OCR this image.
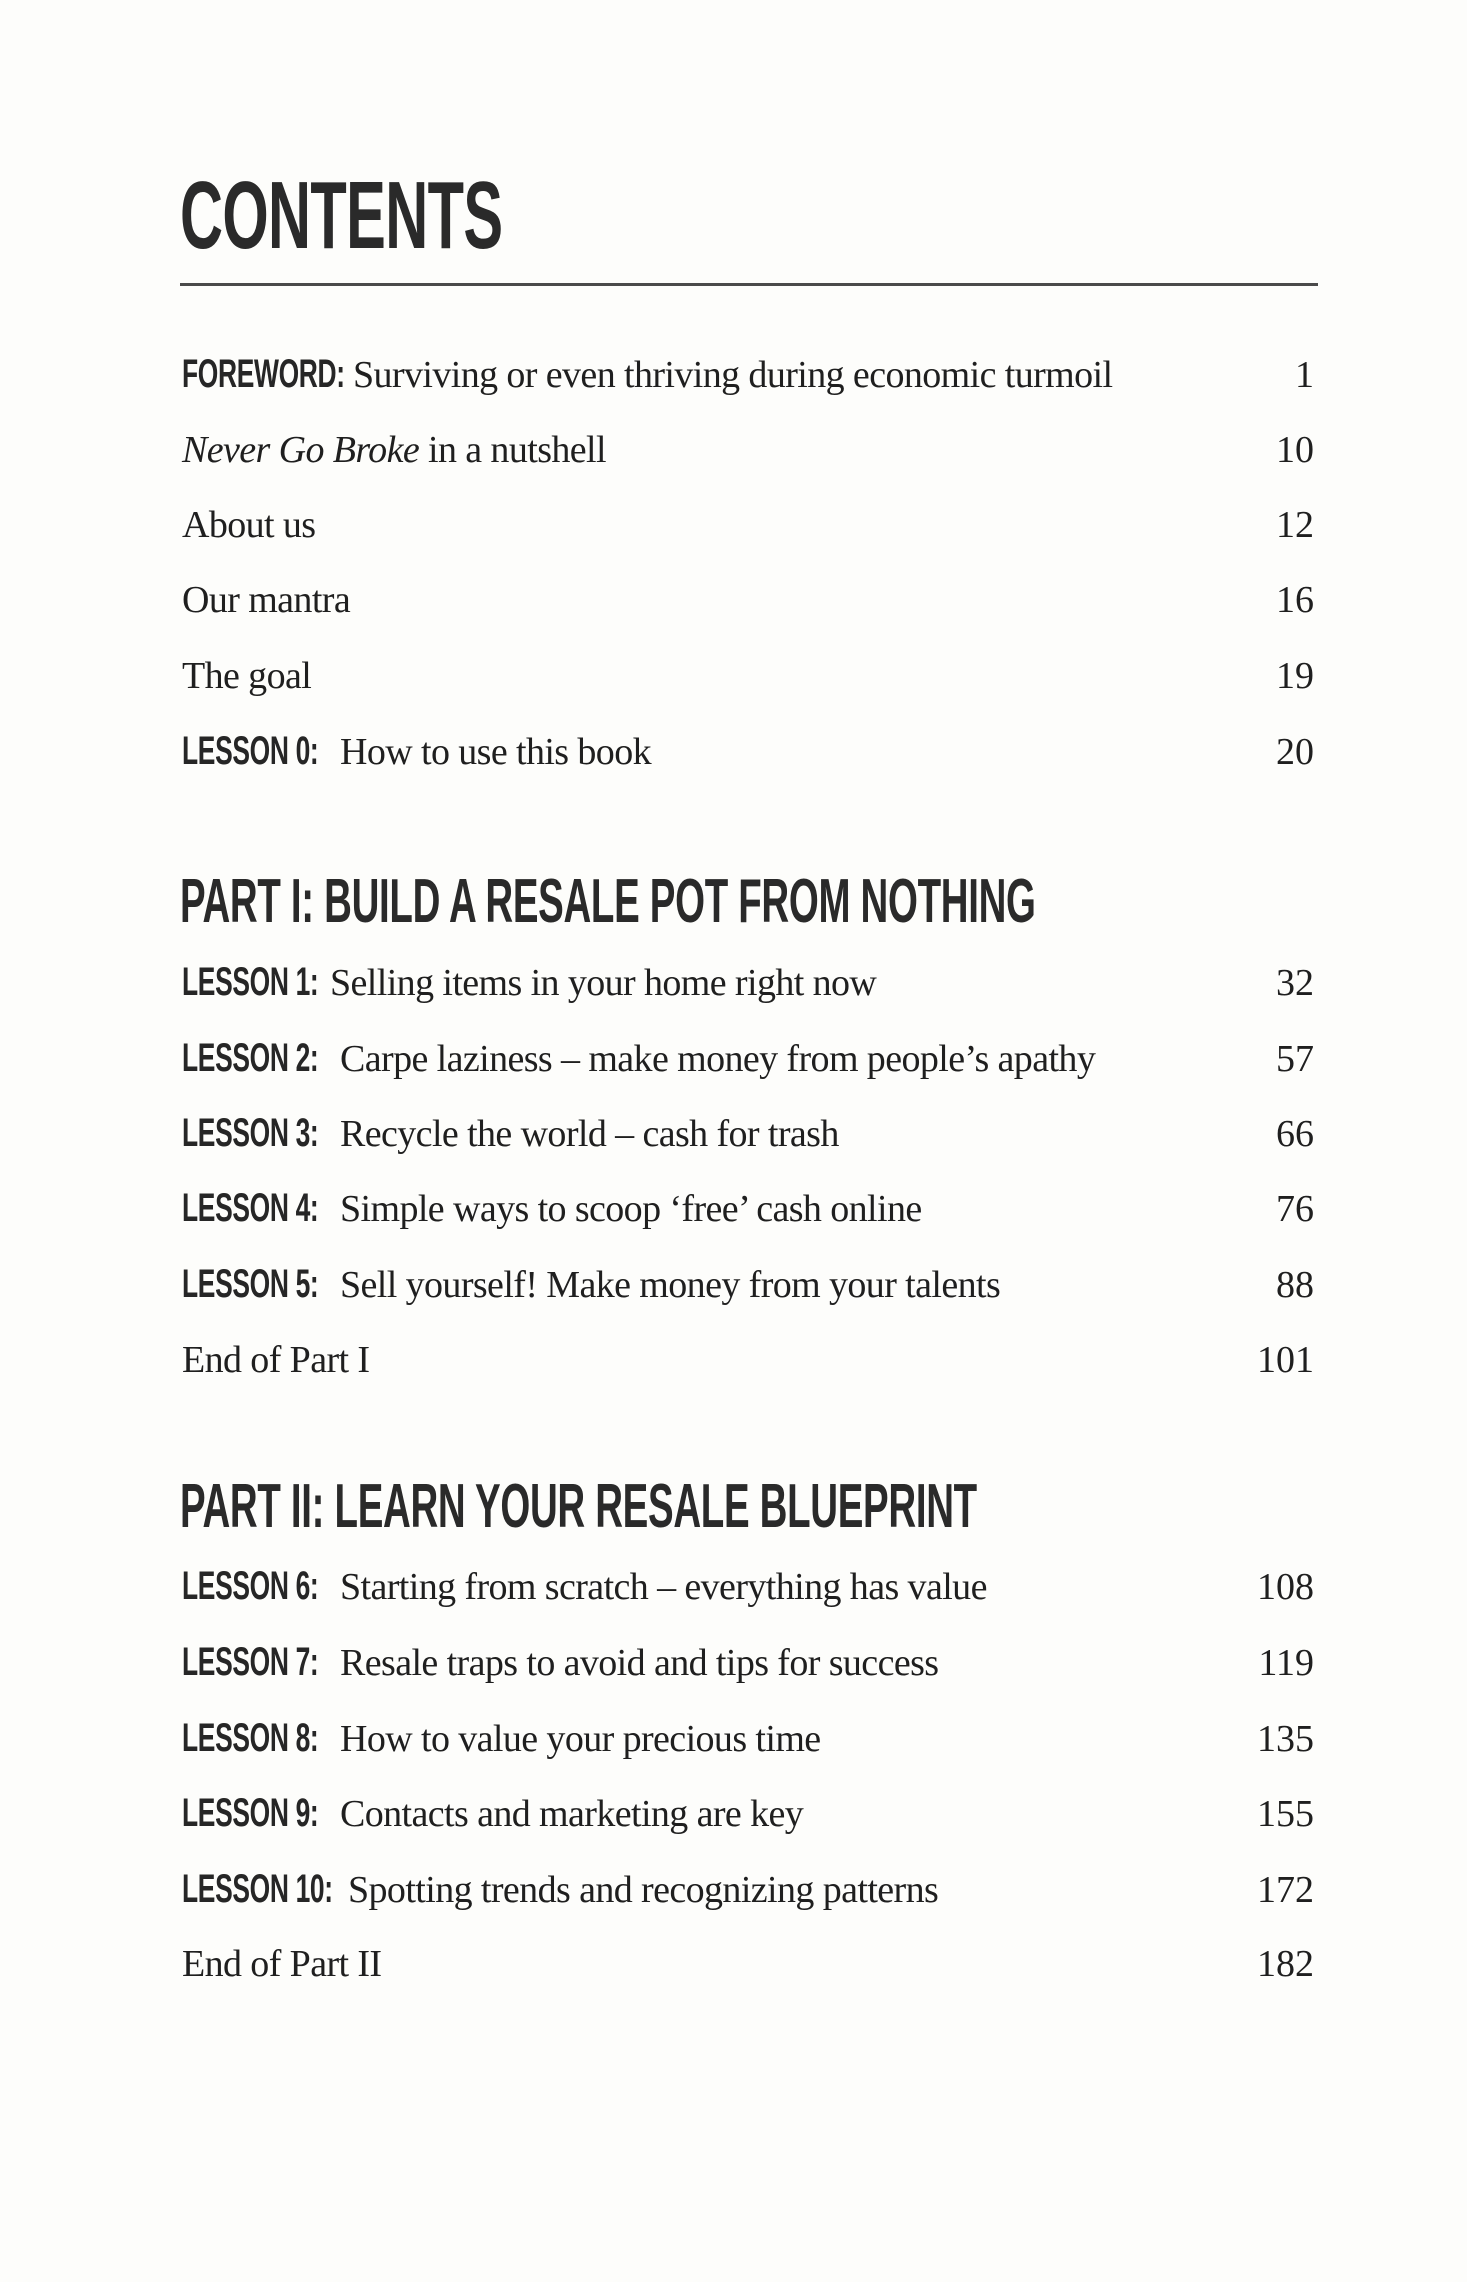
CONTENTS
FOREWORD: Surviving or even thriving during economic turmoil	1
Never Go Broke in a nutshell	10
About us	12
Our mantra	16
The goal	19
LESSON 0: How to use this book	20
PART I: BUILD A RESALE POT FROM NOTHING
LESSON 1: Selling items in your home right now	32
LESSON 2: Carpe laziness – make money from people’s apathy	57
LESSON 3: Recycle the world – cash for trash	66
LESSON 4: Simple ways to scoop ‘free’ cash online	76
LESSON 5: Sell yourself! Make money from your talents	88
End of Part I	101
PART II: LEARN YOUR RESALE BLUEPRINT
LESSON 6: Starting from scratch – everything has value	108
LESSON 7: Resale traps to avoid and tips for success	119
LESSON 8: How to value your precious time	135
LESSON 9: Contacts and marketing are key	155
LESSON 10: Spotting trends and recognizing patterns	172
End of Part II	182
